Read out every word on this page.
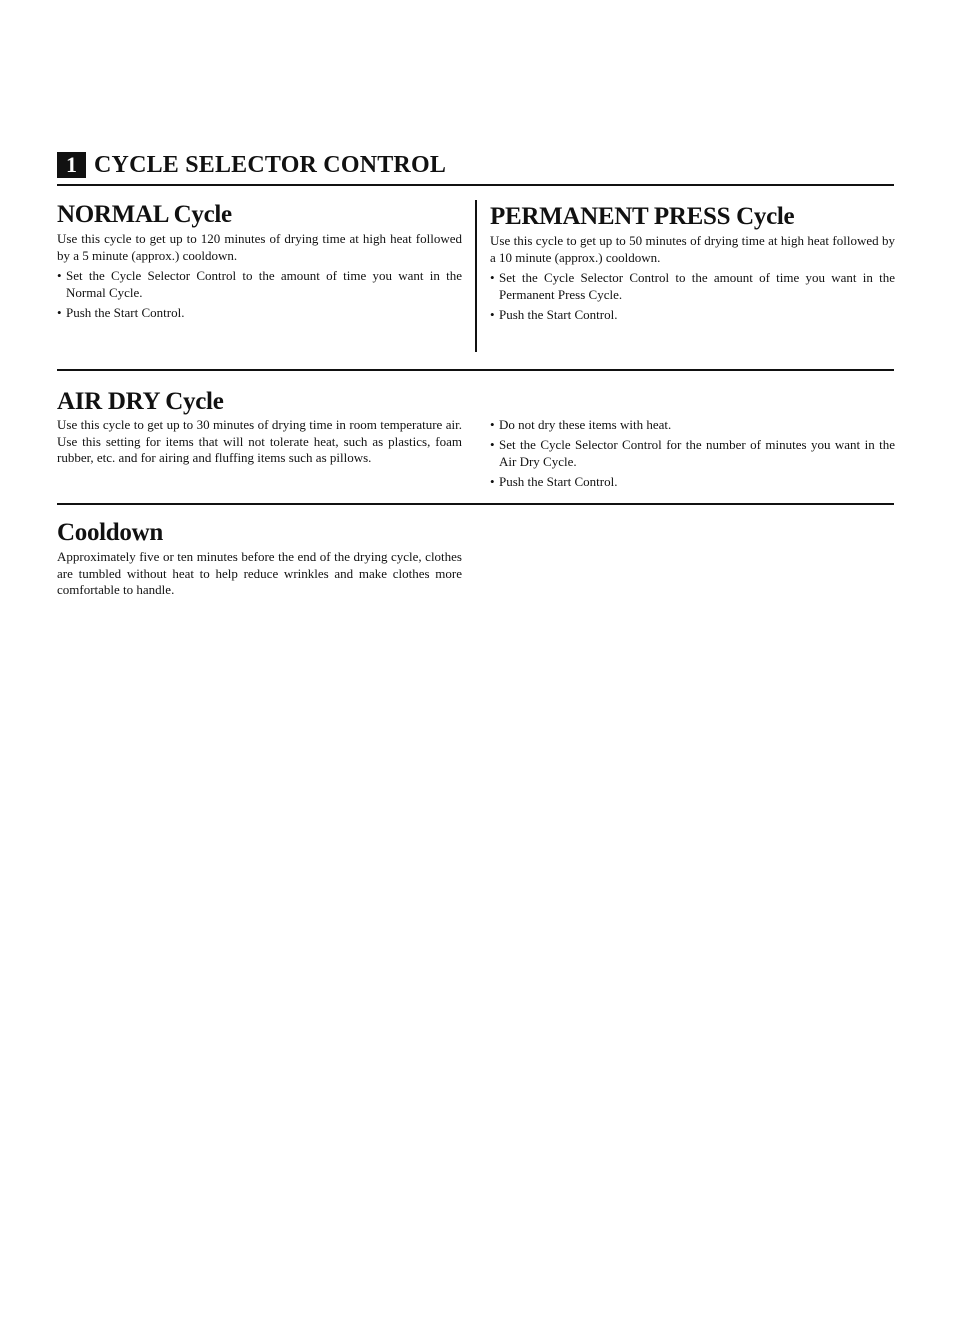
1 CYCLE SELECTOR CONTROL
NORMAL Cycle

Use this cycle to get up to 120 minutes of drying time at high heat followed by a 5 minute (approx.) cooldown.

• Set the Cycle Selector Control to the amount of time you want in the Normal Cycle.
• Push the Start Control.
PERMANENT PRESS Cycle

Use this cycle to get up to 50 minutes of drying time at high heat followed by a 10 minute (approx.) cooldown.

• Set the Cycle Selector Control to the amount of time you want in the Permanent Press Cycle.
• Push the Start Control.
AIR DRY Cycle

Use this cycle to get up to 30 minutes of drying time in room temperature air. Use this setting for items that will not tolerate heat, such as plastics, foam rubber, etc. and for airing and fluffing items such as pillows.

• Do not dry these items with heat.
• Set the Cycle Selector Control for the number of minutes you want in the Air Dry Cycle.
• Push the Start Control.
Cooldown

Approximately five or ten minutes before the end of the drying cycle, clothes are tumbled without heat to help reduce wrinkles and make clothes more comfortable to handle.
